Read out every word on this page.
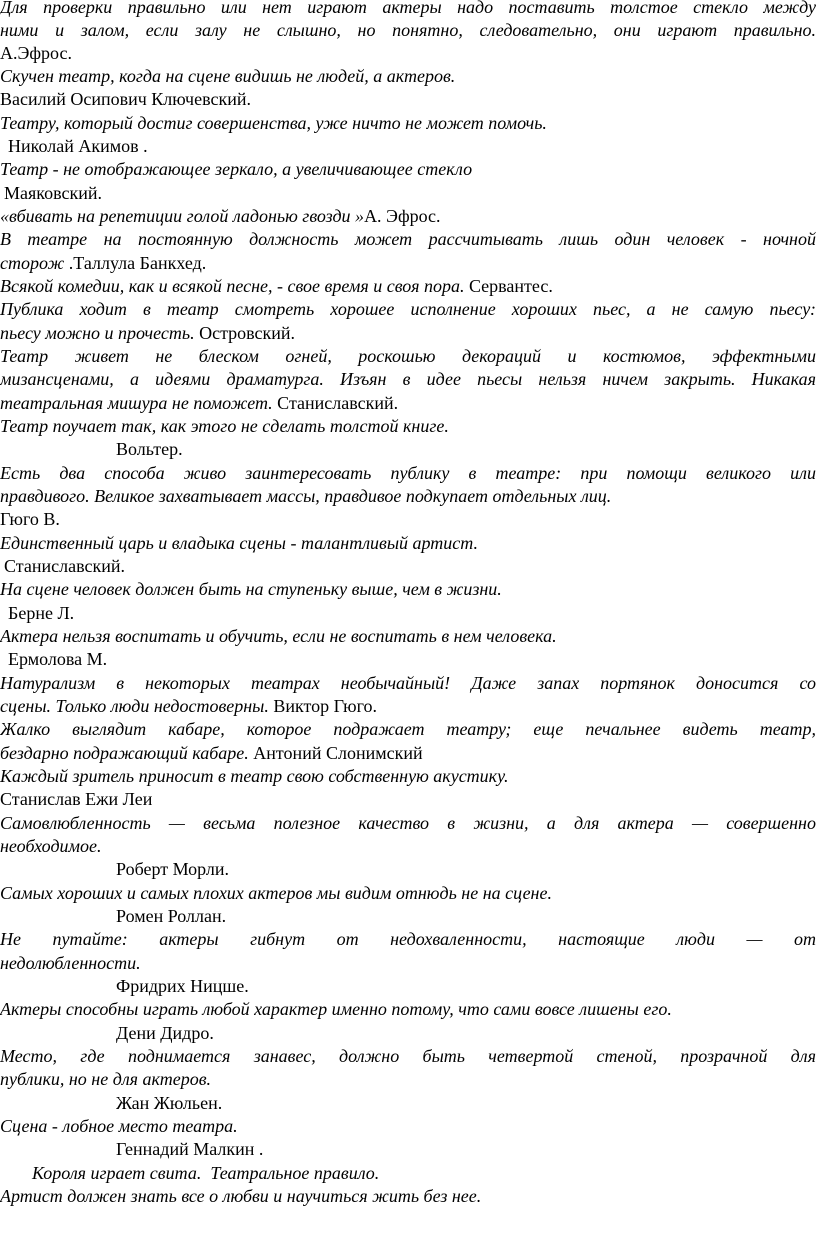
Для проверки правильно или нет играют актеры надо поставить толстое стекло между
ними и залом, если залу не слышно, но понятно, следовательно, они играют правильно.
А.Эфрос.
Скучен театр, когда на сцене видишь не людей, а актеров.
Василий Осипович Ключевский.
Театру, который достиг совершенства, уже ничто не может помочь.
Николай Акимов .
Театр - не отображающее зеркало, а увеличивающее стекло
Маяковский.
«вбивать на репетиции голой ладонью гвозди »А. Эфрос.
В театре на постоянную должность может рассчитывать лишь один человек - ночной
сторож .Таллула Банкхед.
Всякой комедии, как и всякой песне, - свое время и своя пора. Сервантес.
Публика ходит в театр смотреть хорошее исполнение хороших пьес, а не самую пьесу:
пьесу можно и прочесть. Островский.
Театр живет не блеском огней, роскошью декораций и костюмов, эффектными
мизансценами, а идеями драматурга. Изъян в идее пьесы нельзя ничем закрыть. Никакая
театральная мишура не поможет. Станиславский.
Театр поучает так, как этого не сделать толстой книге.
Вольтер.
Есть два способа живо заинтересовать публику в театре: при помощи великого или
правдивого. Великое захватывает массы, правдивое подкупает отдельных лиц.
Гюго В.
Единственный царь и владыка сцены - талантливый артист.
Станиславский.
На сцене человек должен быть на ступеньку выше, чем в жизни.
Берне Л.
Актера нельзя воспитать и обучить, если не воспитать в нем человека.
Ермолова М.
Натурализм в некоторых театрах необычайный! Даже запах портянок доносится со
сцены. Только люди недостоверны. Виктор Гюго.
Жалко выглядит кабаре, которое подражает театру; еще печальнее видеть театр,
бездарно подражающий кабаре. Антоний Слонимский
Каждый зритель приносит в театр свою собственную акустику.
Станислав Ежи Леи
Самовлюбленность — весьма полезное качество в жизни, а для актера — совершенно
необходимое.
Роберт Морли.
Самых хороших и самых плохих актеров мы видим отнюдь не на сцене.
Ромен Роллан.
Не путайте: актеры гибнут от недохваленности, настоящие люди — от
недолюбленности.
Фридрих Ницше.
Актеры способны играть любой характер именно потому, что сами вовсе лишены его.
Дени Дидро.
Место, где поднимается занавес, должно быть четвертой стеной, прозрачной для
публики, но не для актеров.
Жан Жюльен.
Сцена - лобное место театра.
Геннадий Малкин .
Короля играет свита. Театральное правило.
Артист должен знать все о любви и научиться жить без нее.
